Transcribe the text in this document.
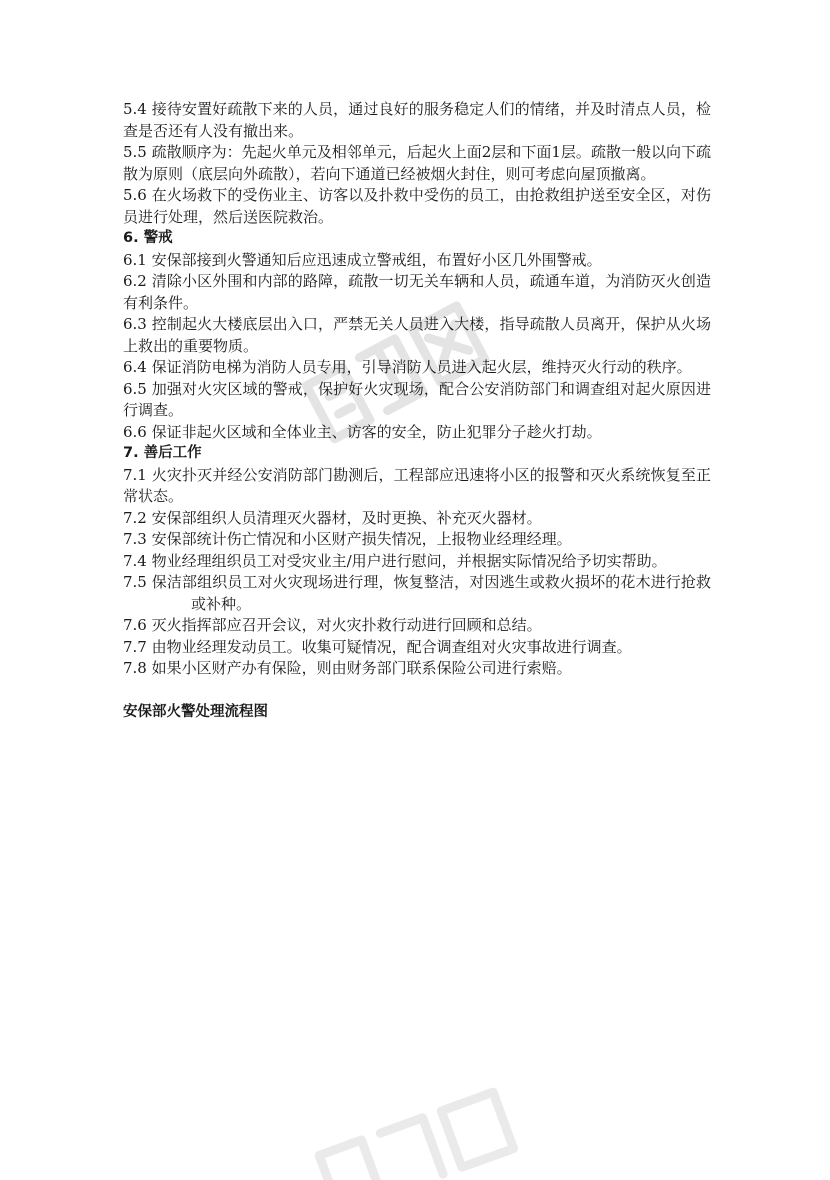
5.4 接待安置好疏散下来的人员，通过良好的服务稳定人们的情绪，并及时清点人员，检查是否还有人没有撤出来。

5.5 疏散顺序为：先起火单元及相邻单元，后起火上面2层和下面1层。疏散一般以向下疏散为原则（底层向外疏散），若向下通道已经被烟火封住，则可考虑向屋顶撤离。

5.6 在火场救下的受伤业主、访客以及扑救中受伤的员工，由抢救组护送至安全区，对伤员进行处理，然后送医院救治。

6. 警戒

6.1 安保部接到火警通知后应迅速成立警戒组，布置好小区几外围警戒。

6.2 清除小区外围和内部的路障，疏散一切无关车辆和人员，疏通车道，为消防灭火创造有利条件。

6.3 控制起火大楼底层出入口，严禁无关人员进入大楼，指导疏散人员离开，保护从火场上救出的重要物质。

6.4 保证消防电梯为消防人员专用，引导消防人员进入起火层，维持灭火行动的秩序。

6.5 加强对火灾区域的警戒，保护好火灾现场，配合公安消防部门和调查组对起火原因进行调查。

6.6 保证非起火区域和全体业主、访客的安全，防止犯罪分子趁火打劫。

7. 善后工作

7.1 火灾扑灭并经公安消防部门勘测后，工程部应迅速将小区的报警和灭火系统恢复至正常状态。

7.2 安保部组织人员清理灭火器材，及时更换、补充灭火器材。

7.3 安保部统计伤亡情况和小区财产损失情况，上报物业经理经理。

7.4 物业经理组织员工对受灾业主/用户进行慰问，并根据实际情况给予切实帮助。

7.5 保洁部组织员工对火灾现场进行理，恢复整洁，对因逃生或救火损坏的花木进行抢救或补种。

7.6 灭火指挥部应召开会议，对火灾扑救行动进行回顾和总结。

7.7 由物业经理发动员工。收集可疑情况，配合调查组对火灾事故进行调查。

7.8 如果小区财产办有保险，则由财务部门联系保险公司进行索赔。

安保部火警处理流程图
